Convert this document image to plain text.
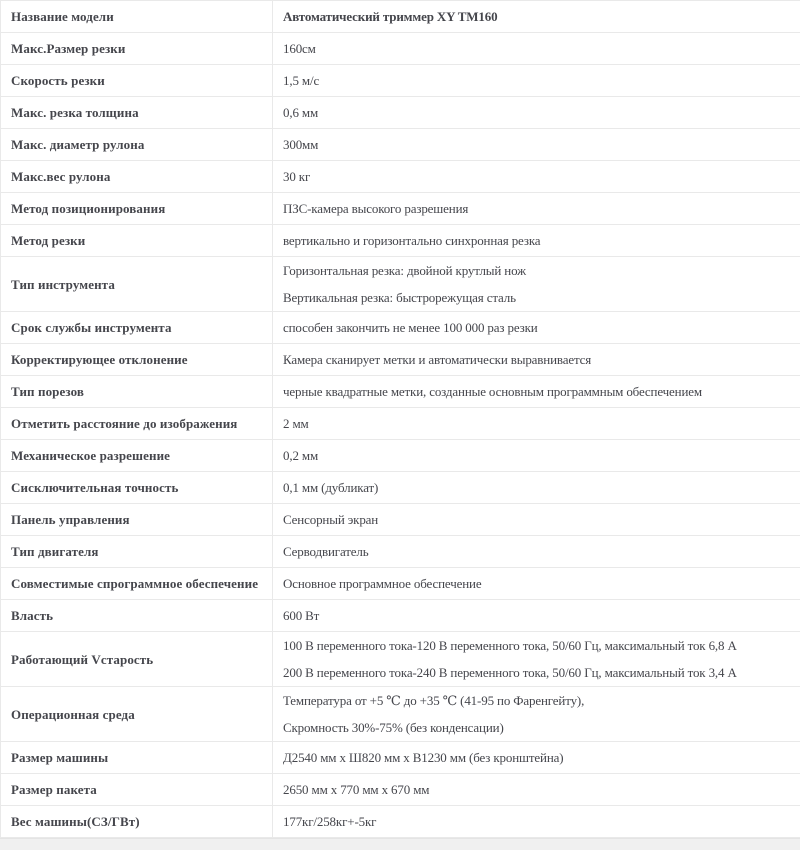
Название модели	Автоматический триммер XY TM160

Макс.Размер резки	160см

Скорость резки	1,5 м/с

Макс. резка толщина	0,6 мм

Макс. диаметр рулона	300мм

Макс.вес рулона	30 кг

Метод позиционирования	ПЗС-камера высокого разрешения

Метод резки	вертикально и горизонтально синхронная резка

Тип инструмента	Горизонтальная резка: двойной крутлый нож
Вертикальная резка: быстрорежущая сталь

Срок службы инструмента	способен закончить не менее 100 000 раз резки

Корректирующее отклонение	Камера сканирует метки и автоматически выравнивается

Тип порезов	черные квадратные метки, созданные основным программным обеспечением

Отметить расстояние до изображения	2 мм

Механическое разрешение	0,2 мм

Сисключительная точность	0,1 мм (дубликат)

Панель управления	Сенсорный экран

Тип двигателя	Серводвигатель

Совместимые спрограммное обеспечение	Основное программное обеспечение

Власть	600 Вт

Работающий Vстарость	100 В переменного тока-120 В переменного тока, 50/60 Гц, максимальный ток 6,8 А
200 В переменного тока-240 В переменного тока, 50/60 Гц, максимальный ток 3,4 А

Операционная среда	Температура от +5 ℃ до +35 ℃ (41-95 по Фаренгейту),
Скромность 30%-75% (без конденсации)

Размер машины	Д2540 мм х Ш820 мм х В1230 мм (без кронштейна)

Размер пакета	2650 мм х 770 мм х 670 мм

Вес машины(СЗ/ГВт)	177кг/258кг+-5кг
